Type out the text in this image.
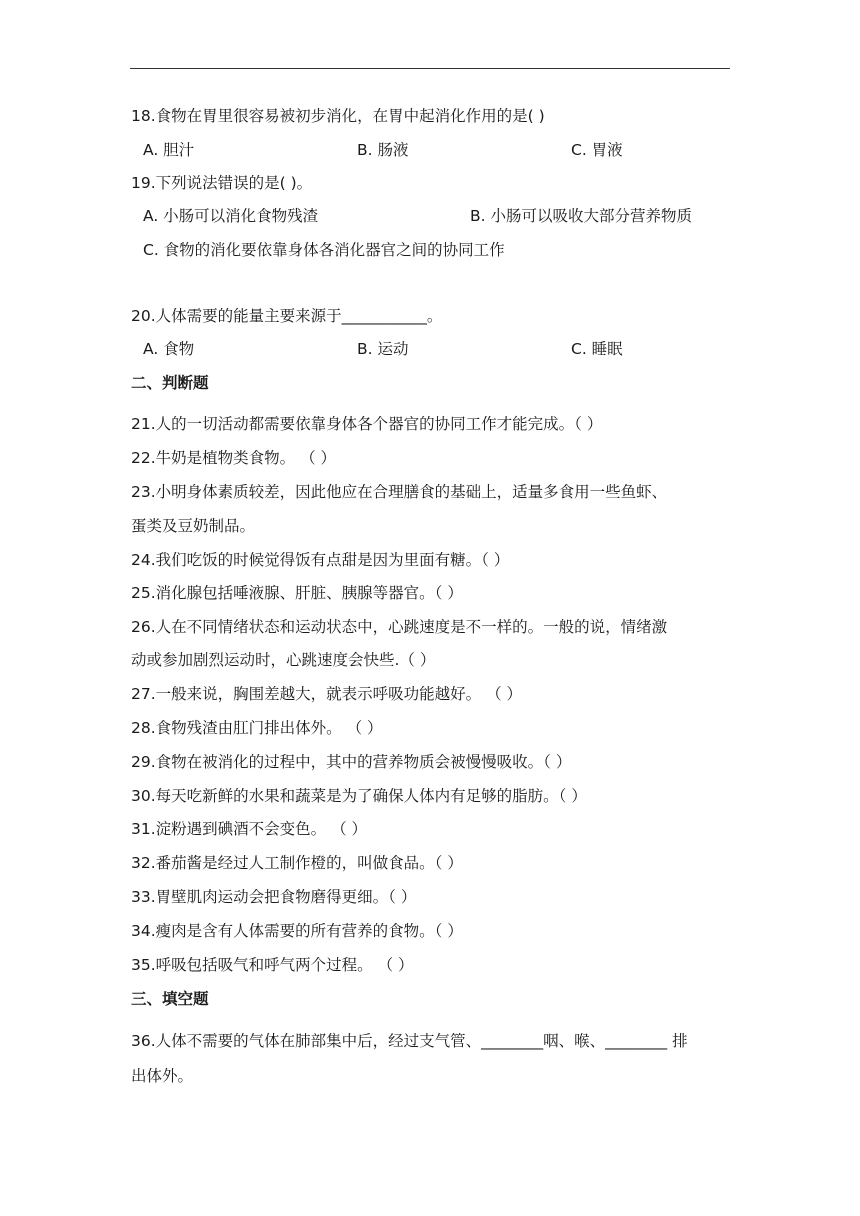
18.食物在胃里很容易被初步消化，在胃中起消化作用的是( )
A. 胆汁	B. 肠液	C. 胃液
19.下列说法错误的是( )。
A. 小肠可以消化食物残渣	B. 小肠可以吸收大部分营养物质
C. 食物的消化要依靠身体各消化器官之间的协同工作
20.人体需要的能量主要来源于___________。
A. 食物	B. 运动	C. 睡眠
二、判断题
21.人的一切活动都需要依靠身体各个器官的协同工作才能完成。（ ）
22.牛奶是植物类食物。 （ ）
23.小明身体素质较差，因此他应在合理膳食的基础上，适量多食用一些鱼虾、
蛋类及豆奶制品。
24.我们吃饭的时候觉得饭有点甜是因为里面有糖。（ ）
25.消化腺包括唾液腺、肝脏、胰腺等器官。（ ）
26.人在不同情绪状态和运动状态中，心跳速度是不一样的。一般的说，情绪激
动或参加剧烈运动时，心跳速度会快些.（ ）
27.一般来说，胸围差越大，就表示呼吸功能越好。 （ ）
28.食物残渣由肛门排出体外。 （ ）
29.食物在被消化的过程中，其中的营养物质会被慢慢吸收。（ ）
30.每天吃新鲜的水果和蔬菜是为了确保人体内有足够的脂肪。（ ）
31.淀粉遇到碘酒不会变色。 （ ）
32.番茄酱是经过人工制作橙的，叫做食品。（ ）
33.胃壁肌肉运动会把食物磨得更细。（ ）
34.瘦肉是含有人体需要的所有营养的食物。（ ）
35.呼吸包括吸气和呼气两个过程。 （ ）
三、填空题
36.人体不需要的气体在肺部集中后，经过支气管、________咽、喉、________ 排
出体外。
